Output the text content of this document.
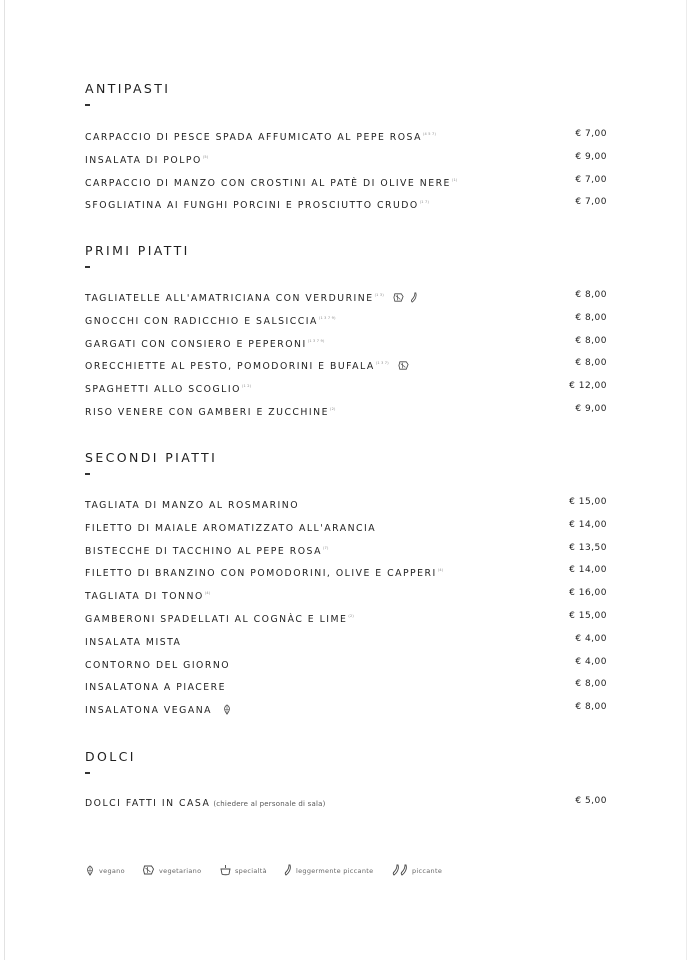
ANTIPASTI
CARPACCIO DI PESCE SPADA AFFUMICATO AL PEPE $ROSA^{(4 5 7)}$	€ 7,00
INSALATA DI POLPO$^{(5)}$	€ 9,00
CARPACCIO DI MANZO CON CROSTINI AL PATÈ DI OLIVE NERE$^{(1)}$	€ 7,00
SFOGLIATINA AI FUNGHI PORCINI E PROSCIUTTO $CRUDO^{(1 7)}$	€ 7,00
PRIMI PIATTI
TAGLIATELLE ALL'AMATRICIANA CON $VERDURINE^{(1 3)}$	€ 8,00
GNOCCHI CON RADICCHIO E $SALSICCIA^{(1 3 7 9)}$	€ 8,00
GARGATI CON CONSIERO E $PEPERONI^{(1 3 7 9)}$	€ 8,00
ORECCHIETTE AL PESTO, POMODORINI E $BUFALA^{(1 3 7)}$	€ 8,00
SPAGHETTI ALLO $SCOGLIO^{(1 2)}$	€ 12,00
RISO VENERE CON GAMBERI E ZUCCHINE$^{(2)}$	€ 9,00
SECONDI PIATTI
TAGLIATA DI MANZO AL ROSMARINO	€ 15,00
FILETTO DI MAIALE AROMATIZZATO ALL'ARANCIA	€ 14,00
BISTECCHE DI TACCHINO AL PEPE ROSA$^{(7)}$	€ 13,50
FILETTO DI BRANZINO CON POMODORINI, OLIVE E CAPPERI$^{(4)}$	€ 14,00
TAGLIATA DI TONNO$^{(4)}$	€ 16,00
GAMBERONI SPADELLATI AL COGNÀC E LIME$^{(2)}$	€ 15,00
INSALATA MISTA	€ 4,00
CONTORNO DEL GIORNO	€ 4,00
INSALATONA A PIACERE	€ 8,00
INSALATONA VEGANA	€ 8,00
DOLCI
DOLCI FATTI IN CASA (chiedere al personale di sala)	€ 5,00
vegano	vegetariano	specialtà	leggermente piccante	piccante
